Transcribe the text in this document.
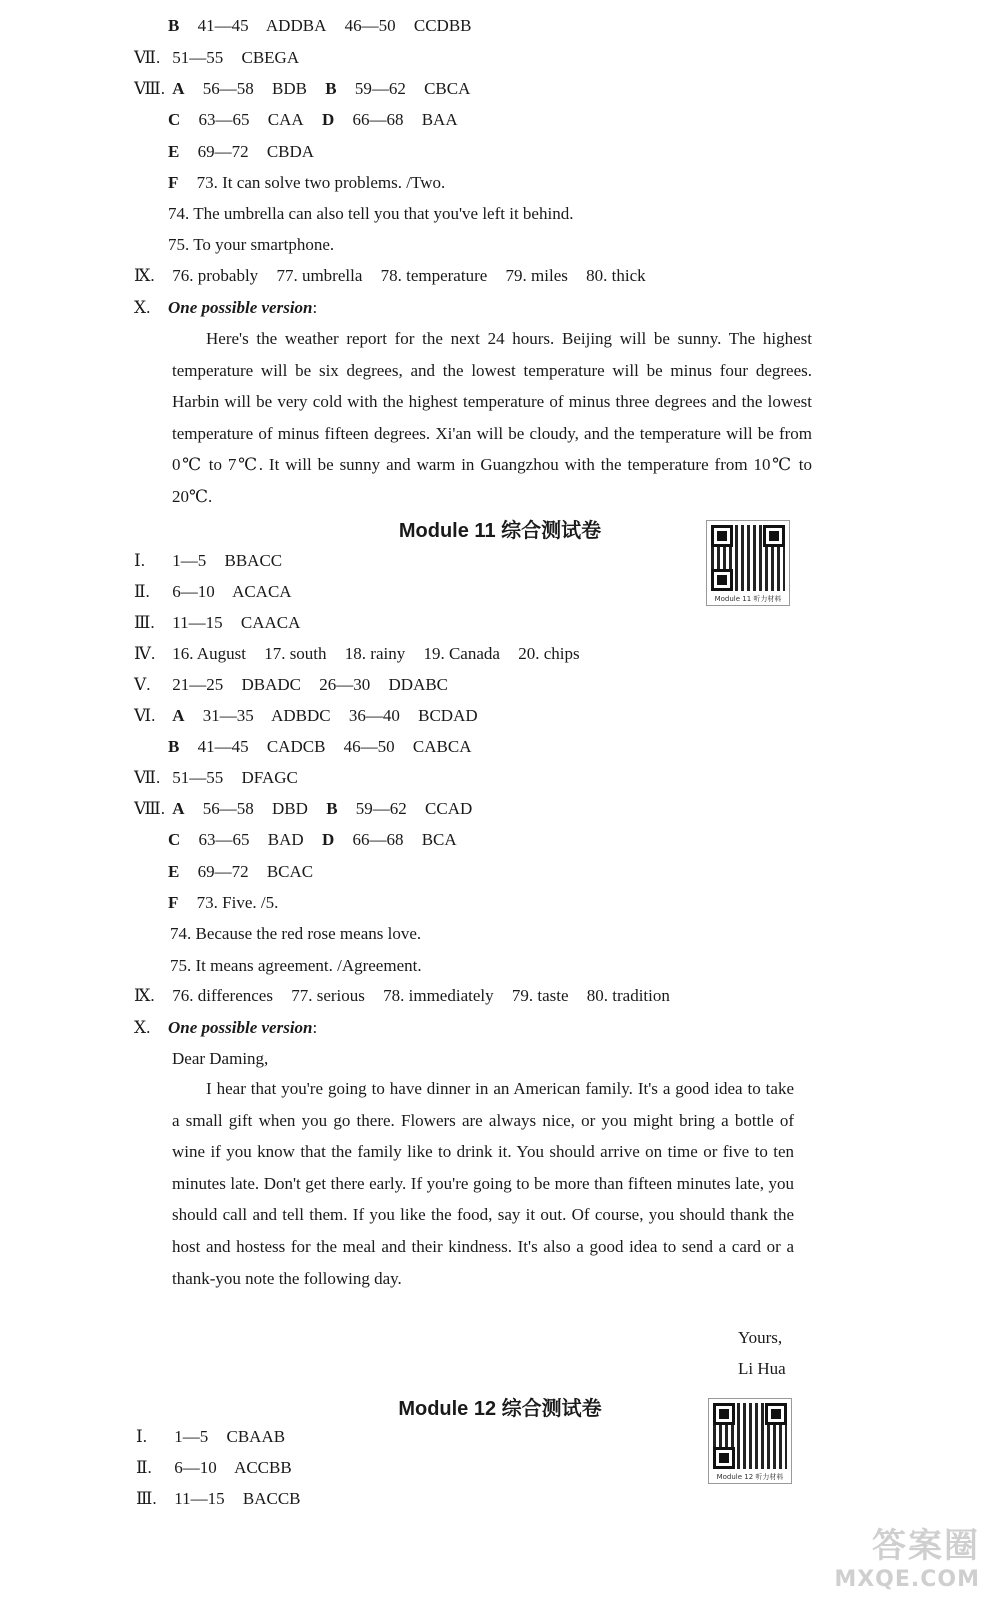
B 41—45 ADDBA 46—50 CCDBB
Ⅶ. 51—55 CBEGA
Ⅷ. A 56—58 BDB B 59—62 CBCA
C 63—65 CAA D 66—68 BAA
E 69—72 CBDA
F 73. It can solve two problems. /Two.
74. The umbrella can also tell you that you've left it behind.
75. To your smartphone.
Ⅸ. 76. probably 77. umbrella 78. temperature 79. miles 80. thick
Ⅹ. One possible version:

Here's the weather report for the next 24 hours. Beijing will be sunny. The highest temperature will be six degrees, and the lowest temperature will be minus four degrees. Harbin will be very cold with the highest temperature of minus three degrees and the lowest temperature of minus fifteen degrees. Xi'an will be cloudy, and the temperature will be from 0℃ to 7℃. It will be sunny and warm in Guangzhou with the temperature from 10℃ to 20℃.

Module 11 综合测试卷
Module 11 听力材料
Ⅰ. 1—5 BBACC
Ⅱ. 6—10 ACACA
Ⅲ. 11—15 CAACA
Ⅳ. 16. August 17. south 18. rainy 19. Canada 20. chips
Ⅴ. 21—25 DBADC 26—30 DDABC
Ⅵ. A 31—35 ADBDC 36—40 BCDAD
B 41—45 CADCB 46—50 CABCA
Ⅶ. 51—55 DFAGC
Ⅷ. A 56—58 DBD B 59—62 CCAD
C 63—65 BAD D 66—68 BCA
E 69—72 BCAC
F 73. Five. /5.
74. Because the red rose means love.
75. It means agreement. /Agreement.
Ⅸ. 76. differences 77. serious 78. immediately 79. taste 80. tradition
Ⅹ. One possible version:
Dear Daming,

I hear that you're going to have dinner in an American family. It's a good idea to take a small gift when you go there. Flowers are always nice, or you might bring a bottle of wine if you know that the family like to drink it. You should arrive on time or five to ten minutes late. Don't get there early. If you're going to be more than fifteen minutes late, you should call and tell them. If you like the food, say it out. Of course, you should thank the host and hostess for the meal and their kindness. It's also a good idea to send a card or a thank-you note the following day.

Yours,
Li Hua
Module 12 综合测试卷
Module 12 听力材料
Ⅰ. 1—5 CBAAB
Ⅱ. 6—10 ACCBB
Ⅲ. 11—15 BACCB
答案圈
MXQE.COM
